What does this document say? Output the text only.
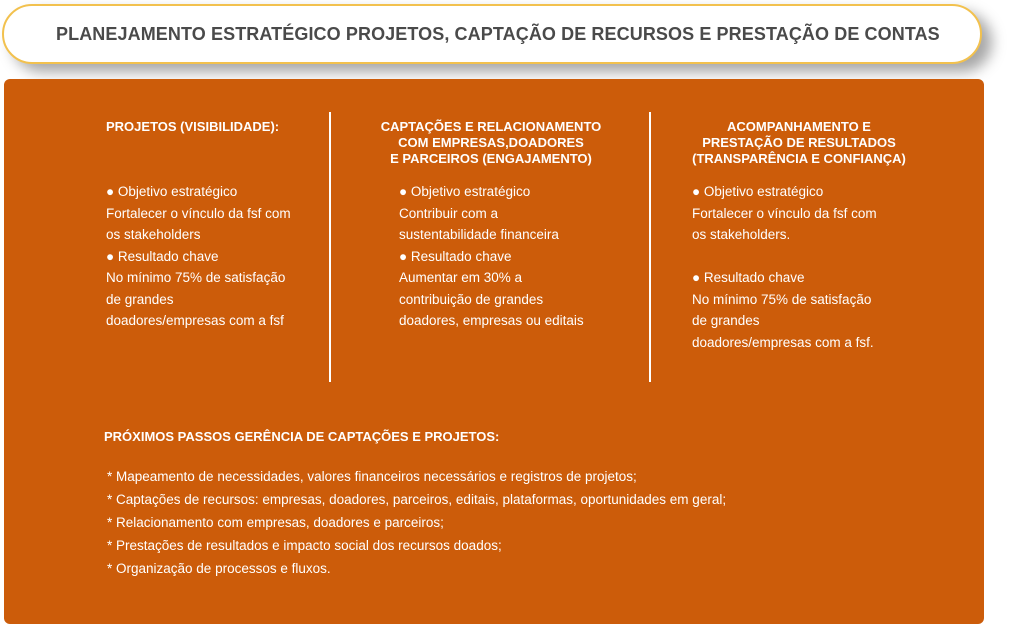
PLANEJAMENTO ESTRATÉGICO PROJETOS, CAPTAÇÃO DE RECURSOS E PRESTAÇÃO DE CONTAS
PROJETOS (VISIBILIDADE):
● Objetivo estratégico
Fortalecer o vínculo da fsf com
os stakeholders
● Resultado chave
No mínimo 75% de satisfação
de grandes
doadores/empresas com a fsf
CAPTAÇÕES E RELACIONAMENTO
COM EMPRESAS,DOADORES
E PARCEIROS (ENGAJAMENTO)
● Objetivo estratégico
Contribuir com a
sustentabilidade financeira
● Resultado chave
Aumentar em 30% a
contribuição de grandes
doadores, empresas ou editais
ACOMPANHAMENTO E
PRESTAÇÃO DE RESULTADOS
(TRANSPARÊNCIA E CONFIANÇA)
● Objetivo estratégico
Fortalecer o vínculo da fsf com
os stakeholders.
● Resultado chave
No mínimo 75% de satisfação
de grandes
doadores/empresas com a fsf.
PRÓXIMOS PASSOS GERÊNCIA DE CAPTAÇÕES E PROJETOS:
* Mapeamento de necessidades, valores financeiros necessários e registros de projetos;
* Captações de recursos: empresas, doadores, parceiros, editais, plataformas, oportunidades em geral;
* Relacionamento com empresas, doadores e parceiros;
* Prestações de resultados e impacto social dos recursos doados;
* Organização de processos e fluxos.
